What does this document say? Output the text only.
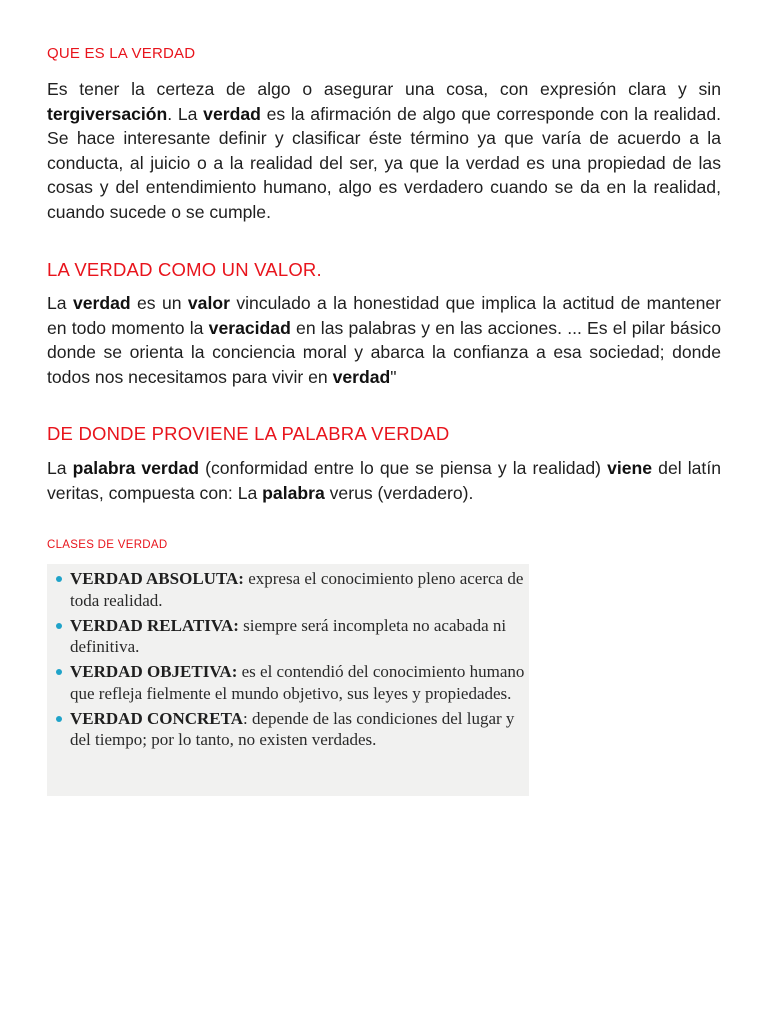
QUE ES LA VERDAD
Es tener la certeza de algo o asegurar una cosa, con expresión clara y sin tergiversación. La verdad es la afirmación de algo que corresponde con la realidad. Se hace interesante definir y clasificar éste término ya que varía de acuerdo a la conducta, al juicio o a la realidad del ser, ya que la verdad es una propiedad de las cosas y del entendimiento humano, algo es verdadero cuando se da en la realidad, cuando sucede o se cumple.
LA VERDAD COMO UN VALOR.
La verdad es un valor vinculado a la honestidad que implica la actitud de mantener en todo momento la veracidad en las palabras y en las acciones. ... Es el pilar básico donde se orienta la conciencia moral y abarca la confianza a esa sociedad; donde todos nos necesitamos para vivir en verdad"
DE DONDE PROVIENE LA PALABRA VERDAD
La palabra verdad (conformidad entre lo que se piensa y la realidad) viene del latín veritas, compuesta con: La palabra verus (verdadero).
CLASES DE VERDAD
VERDAD ABSOLUTA: expresa el conocimiento pleno acerca de toda realidad.
VERDAD RELATIVA: siempre será incompleta no acabada ni definitiva.
VERDAD OBJETIVA: es el contendió del conocimiento humano que refleja fielmente el mundo objetivo, sus leyes y propiedades.
VERDAD CONCRETA: depende de las condiciones del lugar y del tiempo; por lo tanto, no existen verdades.
